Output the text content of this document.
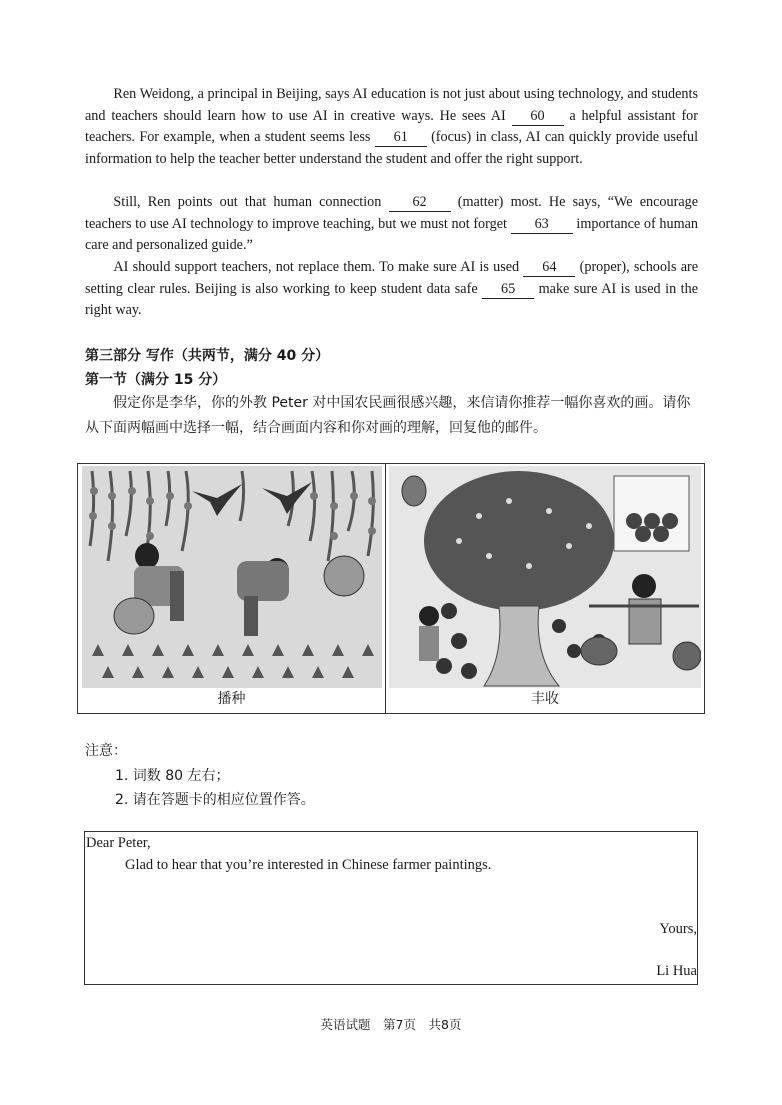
Ren Weidong, a principal in Beijing, says AI education is not just about using technology, and students and teachers should learn how to use AI in creative ways. He sees AI 60 a helpful assistant for teachers. For example, when a student seems less 61 (focus) in class, AI can quickly provide useful information to help the teacher better understand the student and offer the right support.

Still, Ren points out that human connection 62 (matter) most. He says, “We encourage teachers to use AI technology to improve teaching, but we must not forget 63 importance of human care and personalized guide.”

AI should support teachers, not replace them. To make sure AI is used 64 (proper), schools are setting clear rules. Beijing is also working to keep student data safe 65 make sure AI is used in the right way.

第三部分 写作（共两节，满分 40 分）
第一节（满分 15 分）
假定你是李华，你的外教 Peter 对中国农民画很感兴趣，来信请你推荐一幅你喜欢的画。请你从下面两幅画中选择一幅，结合画面内容和你对画的理解，回复他的邮件。
播种	丰收
注意：
1. 词数 80 左右；
2. 请在答题卡的相应位置作答。
Dear Peter,
Glad to hear that you’re interested in Chinese farmer paintings.
Yours,
Li Hua
英语试题　第7页　共8页
